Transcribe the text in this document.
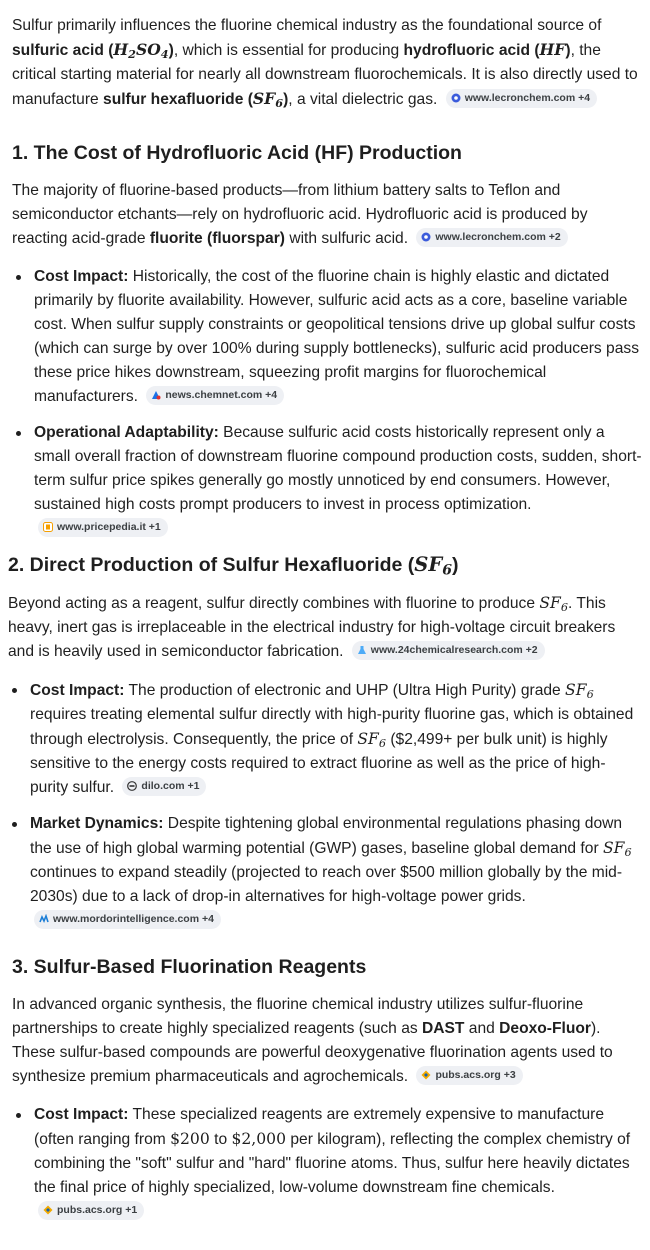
Sulfur primarily influences the fluorine chemical industry as the foundational source of sulfuric acid $(H_2SO_4)$, which is essential for producing hydrofluoric acid (HF), the critical starting material for nearly all downstream fluorochemicals. It is also directly used to manufacture sulfur hexafluoride $(SF_6)$, a vital dielectric gas.	www.lecronchem.com +4

1. The Cost of Hydrofluoric Acid (HF) Production

The majority of fluorine-based products—from lithium battery salts to Teflon and semiconductor etchants—rely on hydrofluoric acid. Hydrofluoric acid is produced by reacting acid-grade fluorite (fluorspar) with sulfuric acid.	www.lecronchem.com +2

Cost Impact: Historically, the cost of the fluorine chain is highly elastic and dictated primarily by fluorite availability. However, sulfuric acid acts as a core, baseline variable cost. When sulfur supply constraints or geopolitical tensions drive up global sulfur costs (which can surge by over 100% during supply bottlenecks), sulfuric acid producers pass these price hikes downstream, squeezing profit margins for fluorochemical manufacturers.	news.chemnet.com +4
Operational Adaptability: Because sulfuric acid costs historically represent only a small overall fraction of downstream fluorine compound production costs, sudden, short-term sulfur price spikes generally go mostly unnoticed by end consumers. However, sustained high costs prompt producers to invest in process optimization.
www.pricepedia.it +1
2. Direct Production of Sulfur Hexafluoride $(SF_6)$

Beyond acting as a reagent, sulfur directly combines with fluorine to produce $SF_6$. This heavy, inert gas is irreplaceable in the electrical industry for high-voltage circuit breakers and is heavily used in semiconductor fabrication.	www.24chemicalresearch.com +2

Cost Impact: The production of electronic and UHP (Ultra High Purity) grade $SF_6$ requires treating elemental sulfur directly with high-purity fluorine gas, which is obtained through electrolysis. Consequently, the price of $SF_6$ ($2,499+ per bulk unit) is highly sensitive to the energy costs required to extract fluorine as well as the price of high-purity sulfur.	dilo.com +1
Market Dynamics: Despite tightening global environmental regulations phasing down the use of high global warming potential (GWP) gases, baseline global demand for $SF_6$ continues to expand steadily (projected to reach over $500 million globally by the mid-2030s) due to a lack of drop-in alternatives for high-voltage power grids.
www.mordorintelligence.com +4
3. Sulfur-Based Fluorination Reagents

In advanced organic synthesis, the fluorine chemical industry utilizes sulfur-fluorine partnerships to create highly specialized reagents (such as DAST and Deoxo-Fluor). These sulfur-based compounds are powerful deoxygenative fluorination agents used to synthesize premium pharmaceuticals and agrochemicals.	pubs.acs.org +3

Cost Impact: These specialized reagents are extremely expensive to manufacture (often ranging from $200 to $2,000 per kilogram), reflecting the complex chemistry of combining the "soft" sulfur and "hard" fluorine atoms. Thus, sulfur here heavily dictates the final price of highly specialized, low-volume downstream fine chemicals.
pubs.acs.org +1
